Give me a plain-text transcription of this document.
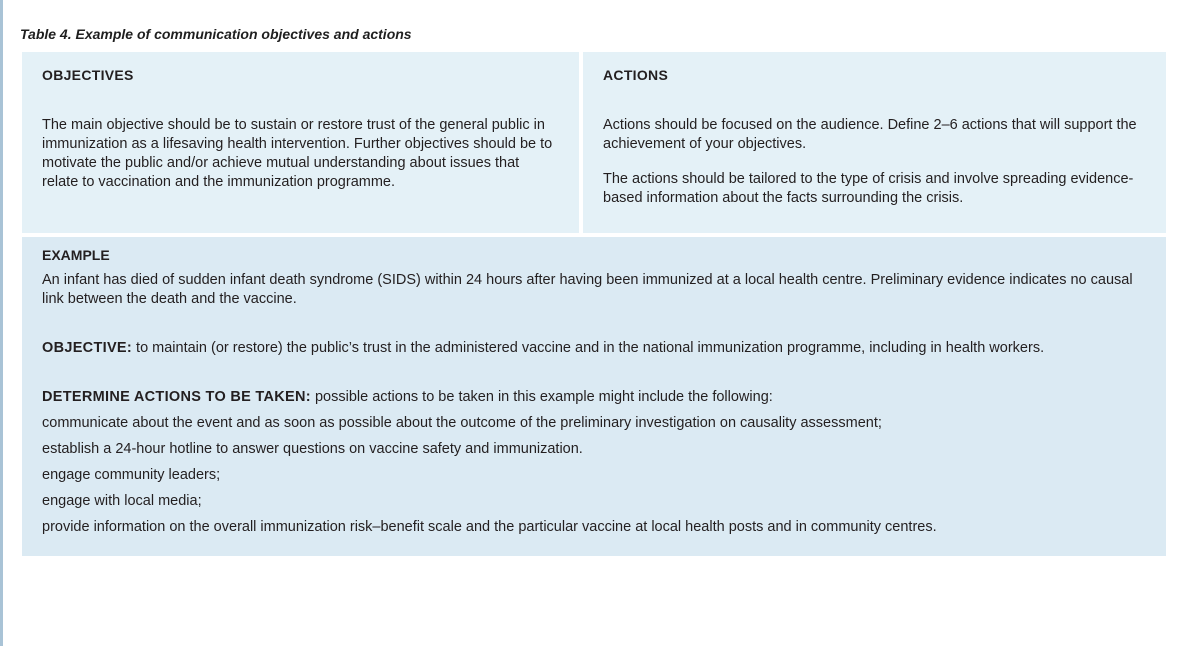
Table 4. Example of communication objectives and actions
OBJECTIVES
The main objective should be to sustain or restore trust of the general public in immunization as a lifesaving health intervention. Further objectives should be to motivate the public and/or achieve mutual understanding about issues that relate to vaccination and the immunization programme.
ACTIONS
Actions should be focused on the audience. Define 2–6 actions that will support the achievement of your objectives.
The actions should be tailored to the type of crisis and involve spreading evidence-based information about the facts surrounding the crisis.

EXAMPLE

An infant has died of sudden infant death syndrome (SIDS) within 24 hours after having been immunized at a local health centre. Preliminary evidence indicates no causal link between the death and the vaccine.

OBJECTIVE: to maintain (or restore) the public’s trust in the administered vaccine and in the national immunization programme, including in health workers.

DETERMINE ACTIONS TO BE TAKEN: possible actions to be taken in this example might include the following:

communicate about the event and as soon as possible about the outcome of the preliminary investigation on causality assessment;

establish a 24-hour hotline to answer questions on vaccine safety and immunization.

engage community leaders;

engage with local media;

provide information on the overall immunization risk–benefit scale and the particular vaccine at local health posts and in community centres.
